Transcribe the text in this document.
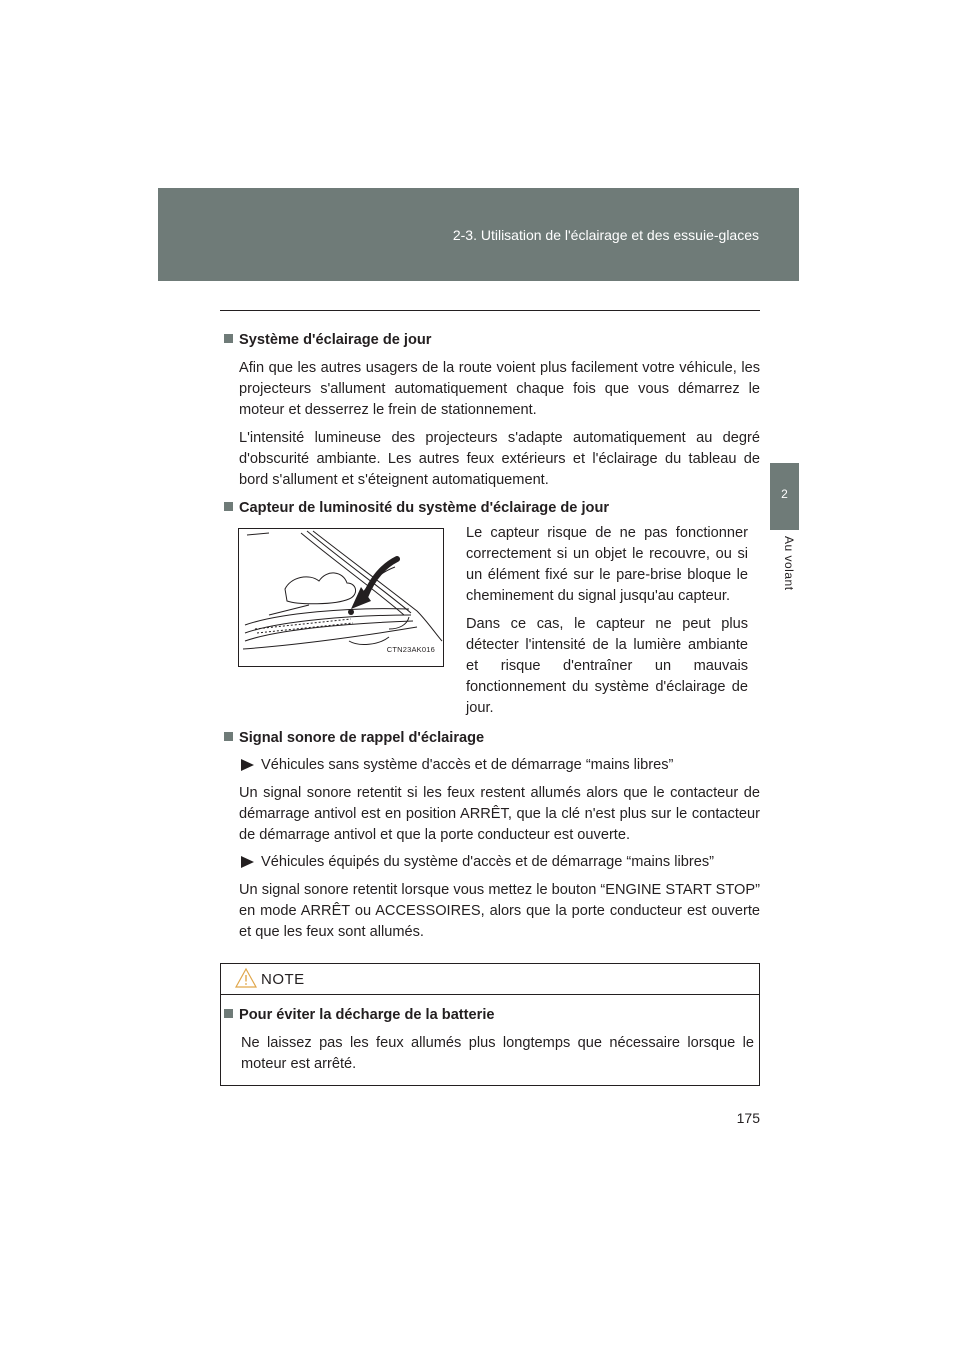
2-3. Utilisation de l'éclairage et des essuie-glaces
2
Au volant

Système d'éclairage de jour

Afin que les autres usagers de la route voient plus facilement votre véhicule, les projecteurs s'allument automatiquement chaque fois que vous démarrez le moteur et desserrez le frein de stationnement.

L'intensité lumineuse des projecteurs s'adapte automatiquement au degré d'obscurité ambiante. Les autres feux extérieurs et l'éclairage du tableau de bord s'allument et s'éteignent automatiquement.

Capteur de luminosité du système d'éclairage de jour

CTN23AK016

Le capteur risque de ne pas fonctionner correctement si un objet le recouvre, ou si un élément fixé sur le pare-brise bloque le cheminement du signal jusqu'au capteur.

Dans ce cas, le capteur ne peut plus détecter l'intensité de la lumière ambiante et risque d'entraîner un mauvais fonctionnement du système d'éclairage de jour.

Signal sonore de rappel d'éclairage

Véhicules sans système d'accès et de démarrage “mains libres”

Un signal sonore retentit si les feux restent allumés alors que le contacteur de démarrage antivol est en position ARRÊT, que la clé n'est plus sur le contacteur de démarrage antivol et que la porte conducteur est ouverte.

Véhicules équipés du système d'accès et de démarrage “mains libres”

Un signal sonore retentit lorsque vous mettez le bouton “ENGINE START STOP” en mode ARRÊT ou ACCESSOIRES, alors que la porte conducteur est ouverte et que les feux sont allumés.

NOTE

Pour éviter la décharge de la batterie

Ne laissez pas les feux allumés plus longtemps que nécessaire lorsque le moteur est arrêté.

175
